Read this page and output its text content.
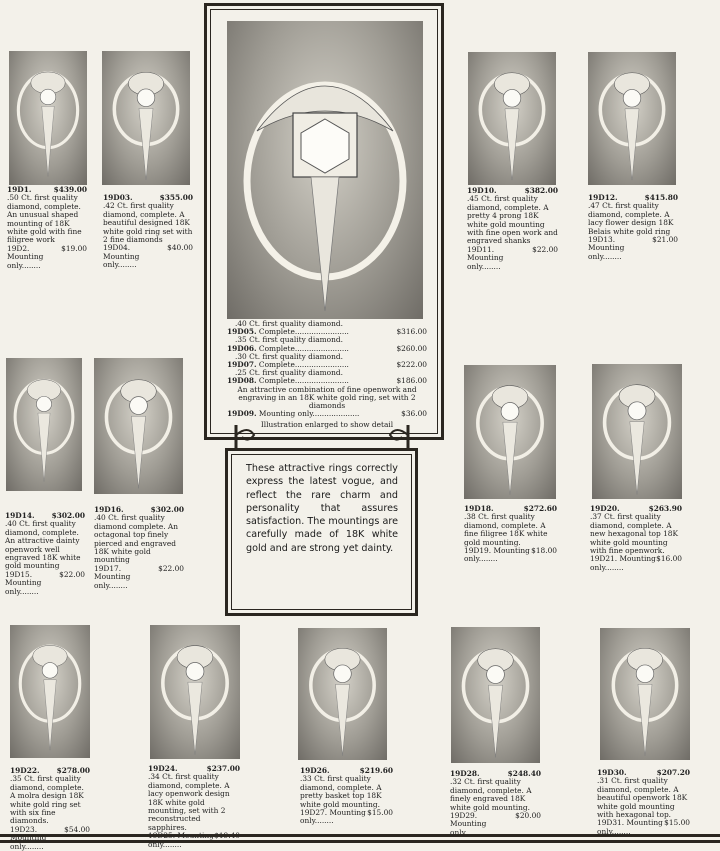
19D1.	$439.00
.50 Ct. first quality diamond, complete. An unusual shaped mounting of 18K white gold with fine filigree work
19D2. Mounting only........
$19.00
19D03.	$355.00
.42 Ct. first quality diamond, complete. A beautiful designed 18K white gold ring set with 2 fine diamonds
19D04. Mounting only........
$40.00
19D10.	$382.00
.45 Ct. first quality diamond, complete. A pretty 4 prong 18K white gold mounting with fine open work and engraved shanks
19D11. Mounting only........
$22.00
19D12.	$415.80
.47 Ct. first quality diamond, complete. A lacy flower design 18K Belais white gold ring
19D13. Mounting only........
$21.00
19D14. $302.00
.40 Ct. first quality diamond, complete. An attractive dainty openwork well engraved 18K white gold mounting
19D15. Mounting only........
$22.00
19D16.	$302.00
.40 Ct. first quality diamond complete. An octagonal top finely pierced and engraved 18K white gold mounting
19D17. Mounting only........
$22.00
19D18.	$272.60
.38 Ct. first quality diamond, complete. A fine filigree 18K white gold mounting.
19D19. Mounting only........
$18.00
19D20.	$263.90
.37 Ct. first quality diamond, complete. A new hexagonal top 18K white gold mounting with fine openwork.
19D21. Mounting only........
$16.00
19D22. $278.00
.35 Ct. first quality diamond, complete. A molra design 18K white gold ring set with six fine diamonds.
19D23. Mounting only........
$54.00
19D24.	$237.00
.34 Ct. first quality diamond, complete. A lacy openwork design 18K white gold mounting, set with 2 reconstructed sapphires.
19D25. Mounting only........
$19.40
19D26.	$219.60
.33 Ct. first quality diamond, complete. A pretty basket top 18K white gold mounting.
19D27. Mounting only........
$15.00
19D28.	$248.40
.32 Ct. first quality diamond, complete. A finely engraved 18K white gold mounting.
19D29. Mounting only........
$20.00
19D30.	$207.20
.31 Ct. first quality diamond, complete. A beautiful openwork 18K white gold mounting with hexagonal top.
19D31. Mounting only........
$15.00
.40 Ct. first quality diamond.
19D05. Complete.......................	$316.00
.35 Ct. first quality diamond.
19D06. Complete.......................	$260.00
.30 Ct. first quality diamond.
19D07. Complete.......................	$222.00
.25 Ct. first quality diamond.
19D08. Complete.......................	$186.00
An attractive combination of fine openwork and engraving in an 18K white gold ring, set with 2 diamonds
19D09. Mounting only....................	$36.00
Illustration enlarged to show detail

These attractive rings correctly express the latest vogue, and reflect the rare charm and personality that assures satisfaction. The mountings are carefully made of 18K white gold and are strong yet dainty.
